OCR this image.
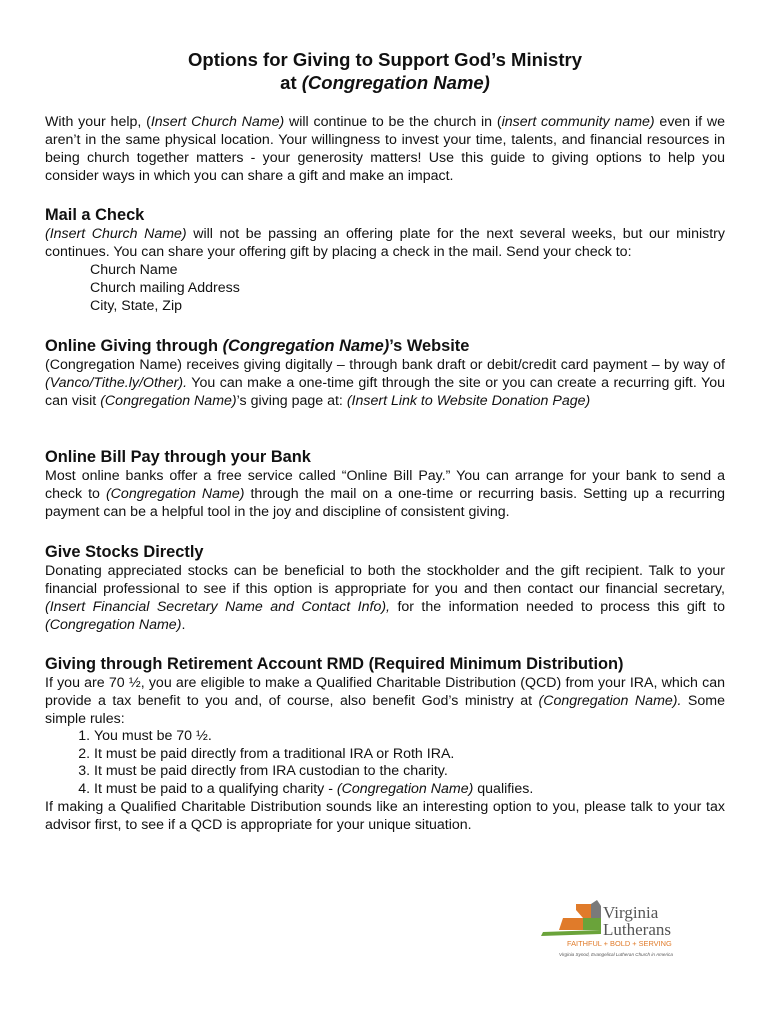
Options for Giving to Support God’s Ministry
at (Congregation Name)
With your help, (Insert Church Name) will continue to be the church in (insert community name) even if we aren’t in the same physical location. Your willingness to invest your time, talents, and financial resources in being church together matters - your generosity matters! Use this guide to giving options to help you consider ways in which you can share a gift and make an impact.
Mail a Check

(Insert Church Name) will not be passing an offering plate for the next several weeks, but our ministry continues. You can share your offering gift by placing a check in the mail. Send your check to:

Church Name
Church mailing Address
City, State, Zip
Online Giving through (Congregation Name)’s Website

(Congregation Name) receives giving digitally – through bank draft or debit/credit card payment – by way of (Vanco/Tithe.ly/Other). You can make a one-time gift through the site or you can create a recurring gift. You can visit (Congregation Name)’s giving page at: (Insert Link to Website Donation Page)

Online Bill Pay through your Bank

Most online banks offer a free service called “Online Bill Pay.” You can arrange for your bank to send a check to (Congregation Name) through the mail on a one-time or recurring basis. Setting up a recurring payment can be a helpful tool in the joy and discipline of consistent giving.

Give Stocks Directly

Donating appreciated stocks can be beneficial to both the stockholder and the gift recipient. Talk to your financial professional to see if this option is appropriate for you and then contact our financial secretary, (Insert Financial Secretary Name and Contact Info), for the information needed to process this gift to (Congregation Name).

Giving through Retirement Account RMD (Required Minimum Distribution)

If you are 70 ½, you are eligible to make a Qualified Charitable Distribution (QCD) from your IRA, which can provide a tax benefit to you and, of course, also benefit God’s ministry at (Congregation Name). Some simple rules:

1. You must be 70 ½.
2. It must be paid directly from a traditional IRA or Roth IRA.
3. It must be paid directly from IRA custodian to the charity.
4. It must be paid to a qualifying charity - (Congregation Name) qualifies.

If making a Qualified Charitable Distribution sounds like an interesting option to you, please talk to your tax advisor first, to see if a QCD is appropriate for your unique situation.

Virginia
Lutherans
FAITHFUL + BOLD + SERVING
Virginia Synod, Evangelical Lutheran Church in America
